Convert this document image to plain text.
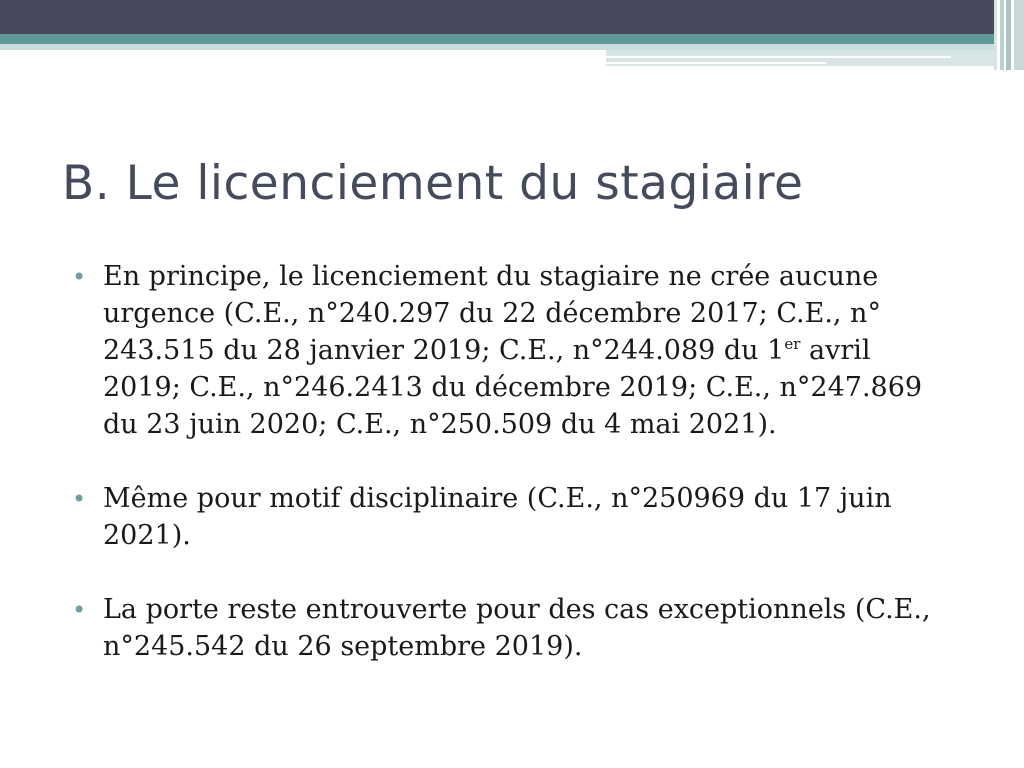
B. Le licenciement du stagiaire
• En principe, le licenciement du stagiaire ne crée aucune urgence (C.E., n°240.297 du 22 décembre 2017; C.E., n° 243.515 du 28 janvier 2019; C.E., n°244.089 du 1er avril 2019; C.E., n°246.2413 du décembre 2019; C.E., n°247.869 du 23 juin 2020; C.E., n°250.509 du 4 mai 2021).
• Même pour motif disciplinaire (C.E., n°250969 du 17 juin 2021).
• La porte reste entrouverte pour des cas exceptionnels (C.E., n°245.542 du 26 septembre 2019).
